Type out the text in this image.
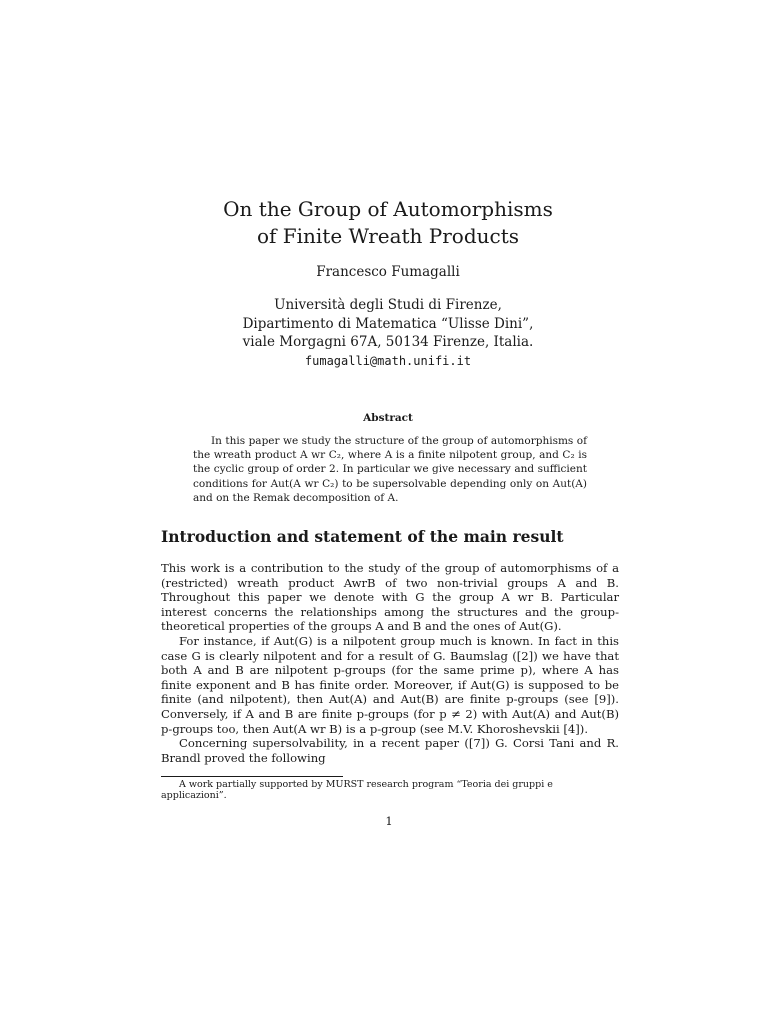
On the Group of Automorphisms
of Finite Wreath Products
Francesco Fumagalli
Università degli Studi di Firenze,
Dipartimento di Matematica “Ulisse Dini”,
viale Morgagni 67A, 50134 Firenze, Italia.
fumagalli@math.unifi.it
Abstract

In this paper we study the structure of the group of automorphisms of the wreath product A wr C₂, where A is a finite nilpotent group, and C₂ is the cyclic group of order 2. In particular we give necessary and sufficient conditions for Aut(A wr C₂) to be supersolvable depending only on Aut(A) and on the Remak decomposition of A.

Introduction and statement of the main result

This work is a contribution to the study of the group of automorphisms of a (restricted) wreath product AwrB of two non-trivial groups A and B. Throughout this paper we denote with G the group A wr B. Particular interest concerns the relationships among the structures and the group-theoretical properties of the groups A and B and the ones of Aut(G).

For instance, if Aut(G) is a nilpotent group much is known. In fact in this case G is clearly nilpotent and for a result of G. Baumslag ([2]) we have that both A and B are nilpotent p-groups (for the same prime p), where A has finite exponent and B has finite order. Moreover, if Aut(G) is supposed to be finite (and nilpotent), then Aut(A) and Aut(B) are finite p-groups (see [9]). Conversely, if A and B are finite p-groups (for p ≠ 2) with Aut(A) and Aut(B) p-groups too, then Aut(A wr B) is a p-group (see M.V. Khoroshevskii [4]).

Concerning supersolvability, in a recent paper ([7]) G. Corsi Tani and R. Brandl proved the following

A work partially supported by MURST research program “Teoria dei gruppi e applicazioni”.
1
